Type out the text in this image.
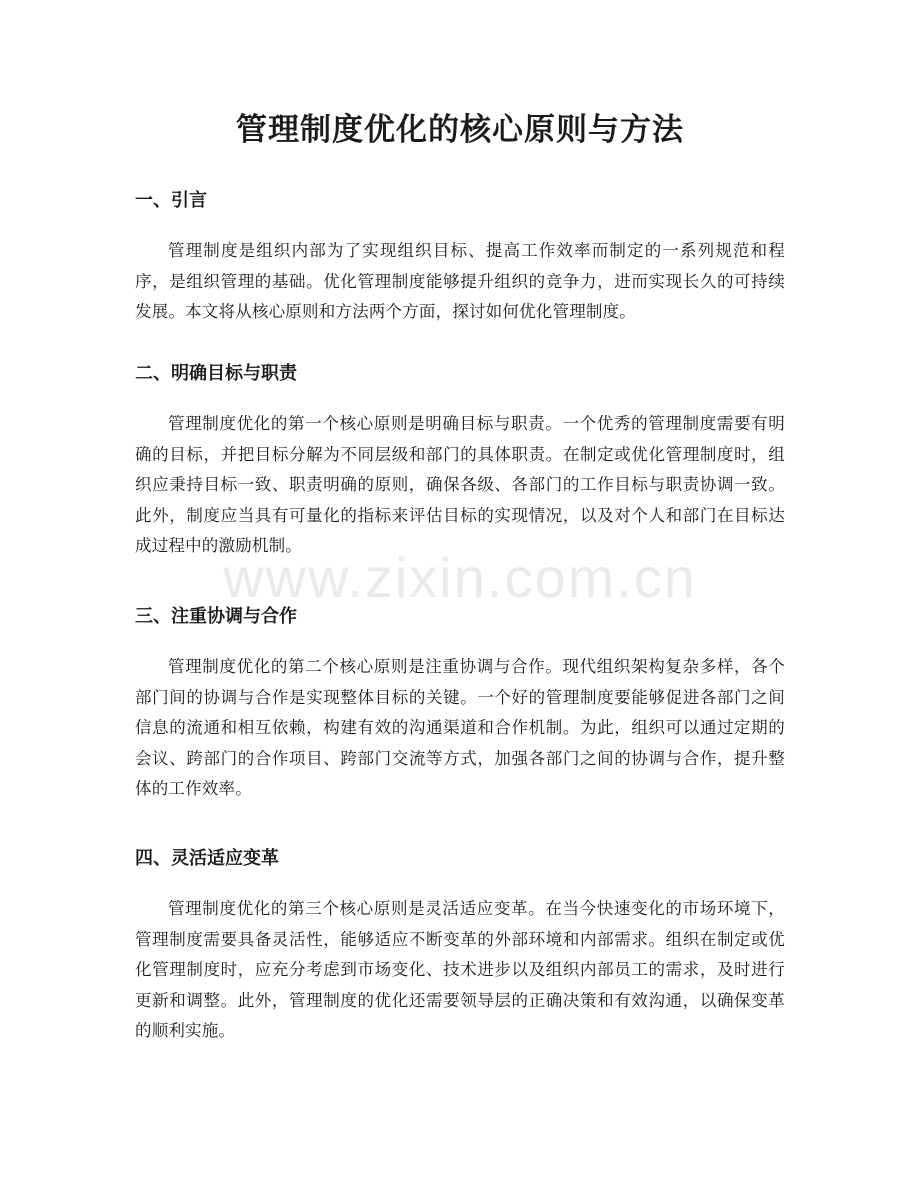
管理制度优化的核心原则与方法
一、引言

管理制度是组织内部为了实现组织目标、提高工作效率而制定的一系列规范和程序，是组织管理的基础。优化管理制度能够提升组织的竞争力，进而实现长久的可持续发展。本文将从核心原则和方法两个方面，探讨如何优化管理制度。

二、明确目标与职责

管理制度优化的第一个核心原则是明确目标与职责。一个优秀的管理制度需要有明确的目标，并把目标分解为不同层级和部门的具体职责。在制定或优化管理制度时，组织应秉持目标一致、职责明确的原则，确保各级、各部门的工作目标与职责协调一致。此外，制度应当具有可量化的指标来评估目标的实现情况，以及对个人和部门在目标达成过程中的激励机制。

三、注重协调与合作

管理制度优化的第二个核心原则是注重协调与合作。现代组织架构复杂多样，各个部门间的协调与合作是实现整体目标的关键。一个好的管理制度要能够促进各部门之间信息的流通和相互依赖，构建有效的沟通渠道和合作机制。为此，组织可以通过定期的会议、跨部门的合作项目、跨部门交流等方式，加强各部门之间的协调与合作，提升整体的工作效率。

四、灵活适应变革

管理制度优化的第三个核心原则是灵活适应变革。在当今快速变化的市场环境下，管理制度需要具备灵活性，能够适应不断变革的外部环境和内部需求。组织在制定或优化管理制度时，应充分考虑到市场变化、技术进步以及组织内部员工的需求，及时进行更新和调整。此外，管理制度的优化还需要领导层的正确决策和有效沟通，以确保变革的顺利实施。

www.zixin.com.cn
